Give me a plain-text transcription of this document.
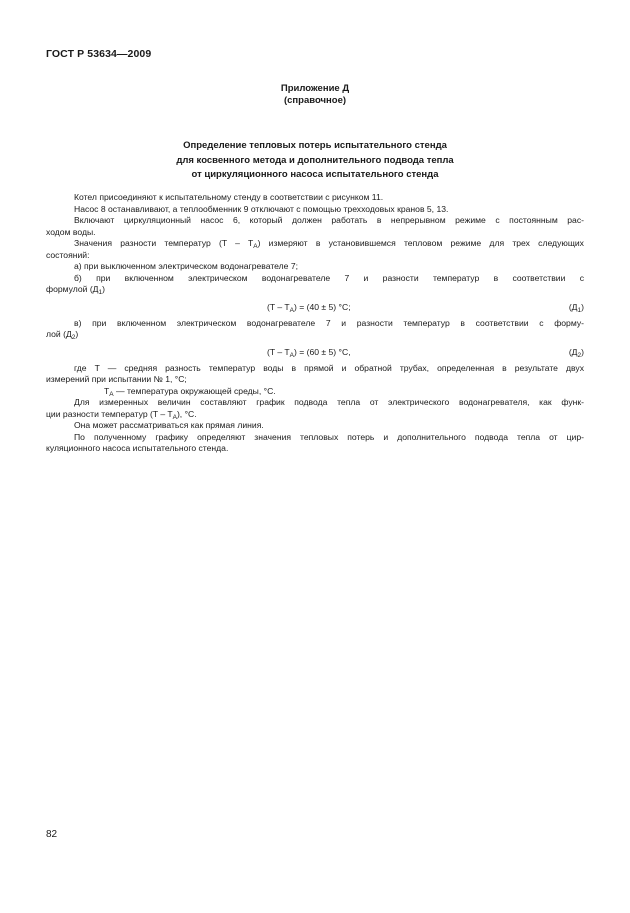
ГОСТ Р 53634—2009
Приложение Д
(справочное)
Определение тепловых потерь испытательного стенда
для косвенного метода и дополнительного подвода тепла
от циркуляционного насоса испытательного стенда

Котел присоединяют к испытательному стенду в соответствии с рисунком 11.

Насос 8 останавливают, а теплообменник 9 отключают с помощью трехходовых кранов 5, 13.

Включают циркуляционный насос 6, который должен работать в непрерывном режиме с постоянным рас-

ходом воды.

Значения разности температур $(T - T_A)$ измеряют в установившемся тепловом режиме для трех следующих

состояний:

а) при выключенном электрическом водонагревателе 7;

б) при включенном электрическом водонагревателе 7 и разности температур в соответствии с

формулой $(Д_1)$
$(T - T_A) = (40 \pm 5)$ °C;	$(Д_1)$

в) при включенном электрическом водонагревателе 7 и разности температур в соответствии с форму-

лой $(Д_2)$
$(T - T_A) = (60 \pm 5)$ °C,	$(Д_2)$

где T — средняя разность температур воды в прямой и обратной трубах, определенная в результате двух

измерений при испытании № 1, °C;
$T_A$ — температура окружающей среды, °C.

Для измеренных величин составляют график подвода тепла от электрического водонагревателя, как функ-

ции разности температур $(T - T_A)$, °C.

Она может рассматриваться как прямая линия.

По полученному графику определяют значения тепловых потерь и дополнительного подвода тепла от цир-

куляционного насоса испытательного стенда.
82
